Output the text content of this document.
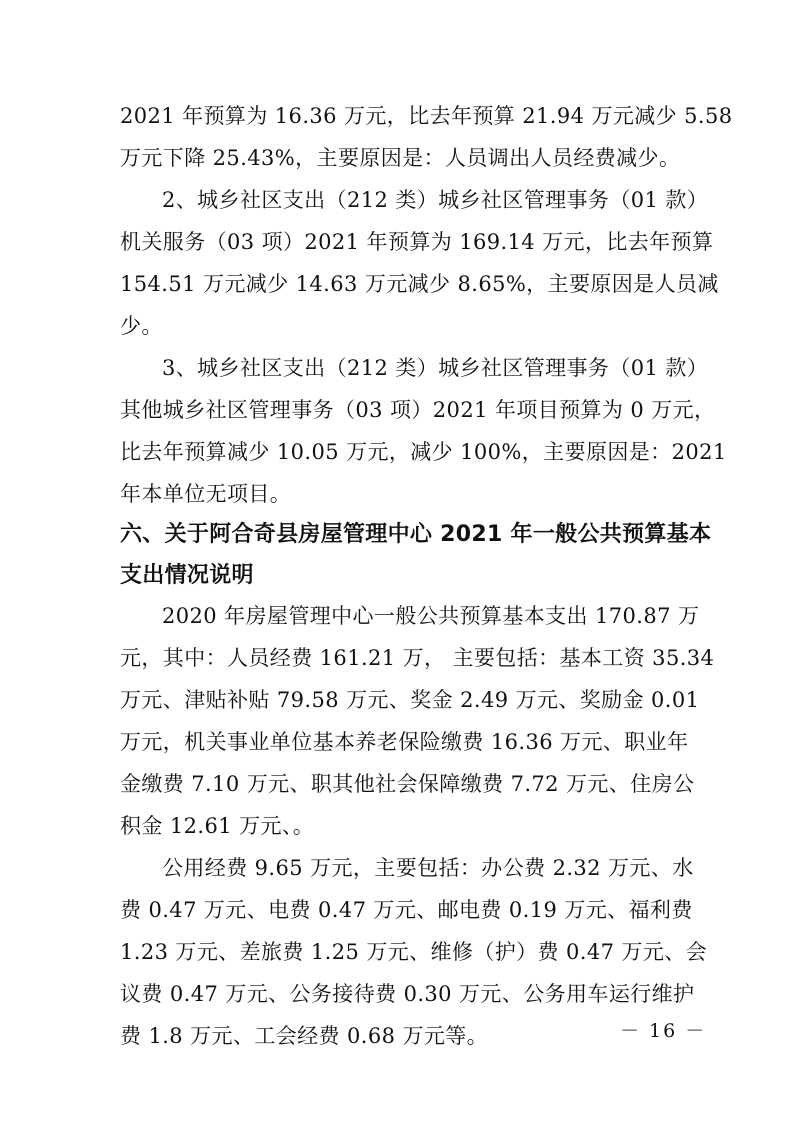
2021 年预算为 16.36 万元，比去年预算 21.94 万元减少 5.58
万元下降 25.43%，主要原因是：人员调出人员经费减少。
2、城乡社区支出（212 类）城乡社区管理事务（01 款）
机关服务（03 项）2021 年预算为 169.14 万元，比去年预算
154.51 万元减少 14.63 万元减少 8.65%，主要原因是人员减
少。
3、城乡社区支出（212 类）城乡社区管理事务（01 款）
其他城乡社区管理事务（03 项）2021 年项目预算为 0 万元，
比去年预算减少 10.05 万元，减少 100%，主要原因是：2021
年本单位无项目。
六、关于阿合奇县房屋管理中心 2021 年一般公共预算基本
支出情况说明
2020 年房屋管理中心一般公共预算基本支出 170.87 万
元，其中：人员经费 161.21 万， 主要包括：基本工资 35.34
万元、津贴补贴 79.58 万元、奖金 2.49 万元、奖励金 0.01
万元，机关事业单位基本养老保险缴费 16.36 万元、职业年
金缴费 7.10 万元、职其他社会保障缴费 7.72 万元、住房公
积金 12.61 万元、。
公用经费 9.65 万元，主要包括：办公费 2.32 万元、水
费 0.47 万元、电费 0.47 万元、邮电费 0.19 万元、福利费
1.23 万元、差旅费 1.25 万元、维修（护）费 0.47 万元、会
议费 0.47 万元、公务接待费 0.30 万元、公务用车运行维护
费 1.8 万元、工会经费 0.68 万元等。	－ 16 －
